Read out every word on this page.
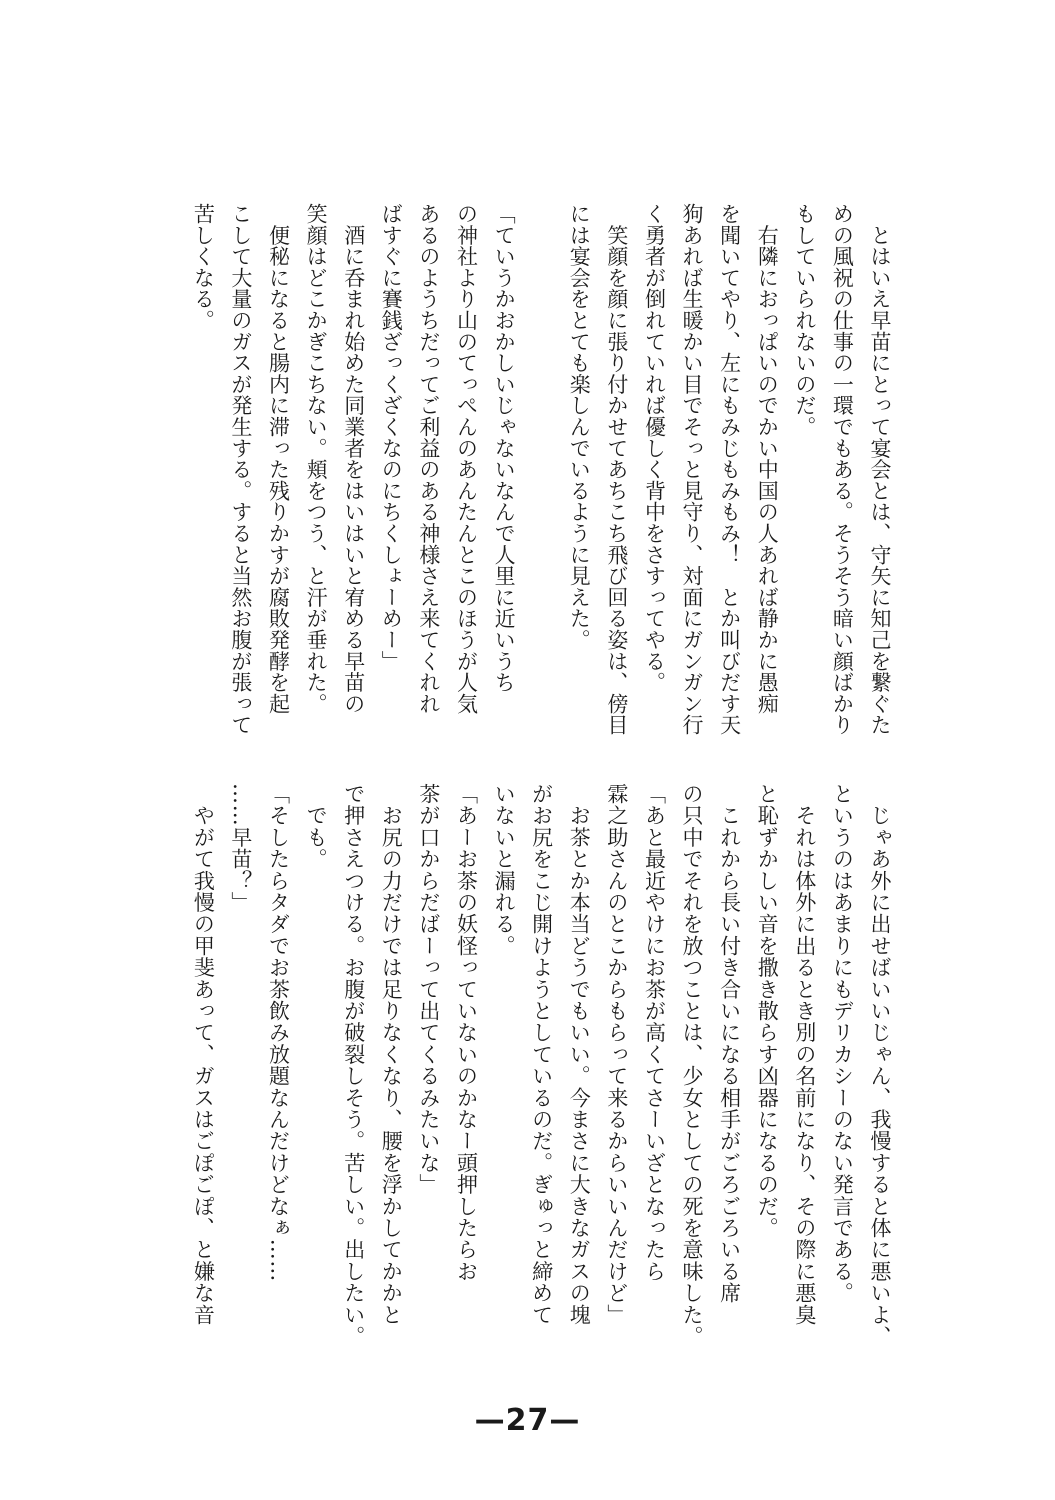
　とはいえ早苗にとって宴会とは、守矢に知己を繋ぐた
めの風祝の仕事の一環でもある。そうそう暗い顔ばかり
もしていられないのだ。
　右隣におっぱいのでかい中国の人あれば静かに愚痴
を聞いてやり、左にもみじもみもみ！　とか叫びだす天
狗あれば生暖かい目でそっと見守り、対面にガンガン行
く勇者が倒れていれば優しく背中をさすってやる。
　笑顔を顔に張り付かせてあちこち飛び回る姿は、傍目
には宴会をとても楽しんでいるように見えた。
「ていうかおかしいじゃないなんで人里に近いうち
の神社より山のてっぺんのあんたんとこのほうが人気
あるのようちだってご利益のある神様さえ来てくれれ
ばすぐに賽銭ざっくざくなのにちくしょーめー」
　酒に呑まれ始めた同業者をはいはいと宥める早苗の
笑顔はどこかぎこちない。頬をつう、と汗が垂れた。
　便秘になると腸内に滞った残りかすが腐敗発酵を起
こして大量のガスが発生する。すると当然お腹が張って
苦しくなる。
　じゃあ外に出せばいいじゃん、我慢すると体に悪いよ、
というのはあまりにもデリカシーのない発言である。
　それは体外に出るとき別の名前になり、その際に悪臭
と恥ずかしい音を撒き散らす凶器になるのだ。
　これから長い付き合いになる相手がごろごろいる席
の只中でそれを放つことは、少女としての死を意味した。
「あと最近やけにお茶が高くてさーいざとなったら
霖之助さんのとこからもらって来るからいいんだけど」
　お茶とか本当どうでもいい。今まさに大きなガスの塊
がお尻をこじ開けようとしているのだ。ぎゅっと締めて
いないと漏れる。
「あーお茶の妖怪っていないのかなー頭押したらお
茶が口からだばーって出てくるみたいな」
　お尻の力だけでは足りなくなり、腰を浮かしてかかと
で押さえつける。お腹が破裂しそう。苦しい。出したい。
　でも。
「そしたらタダでお茶飲み放題なんだけどなぁ……
……早苗？」
　やがて我慢の甲斐あって、ガスはごぽごぽ、と嫌な音
—27—
